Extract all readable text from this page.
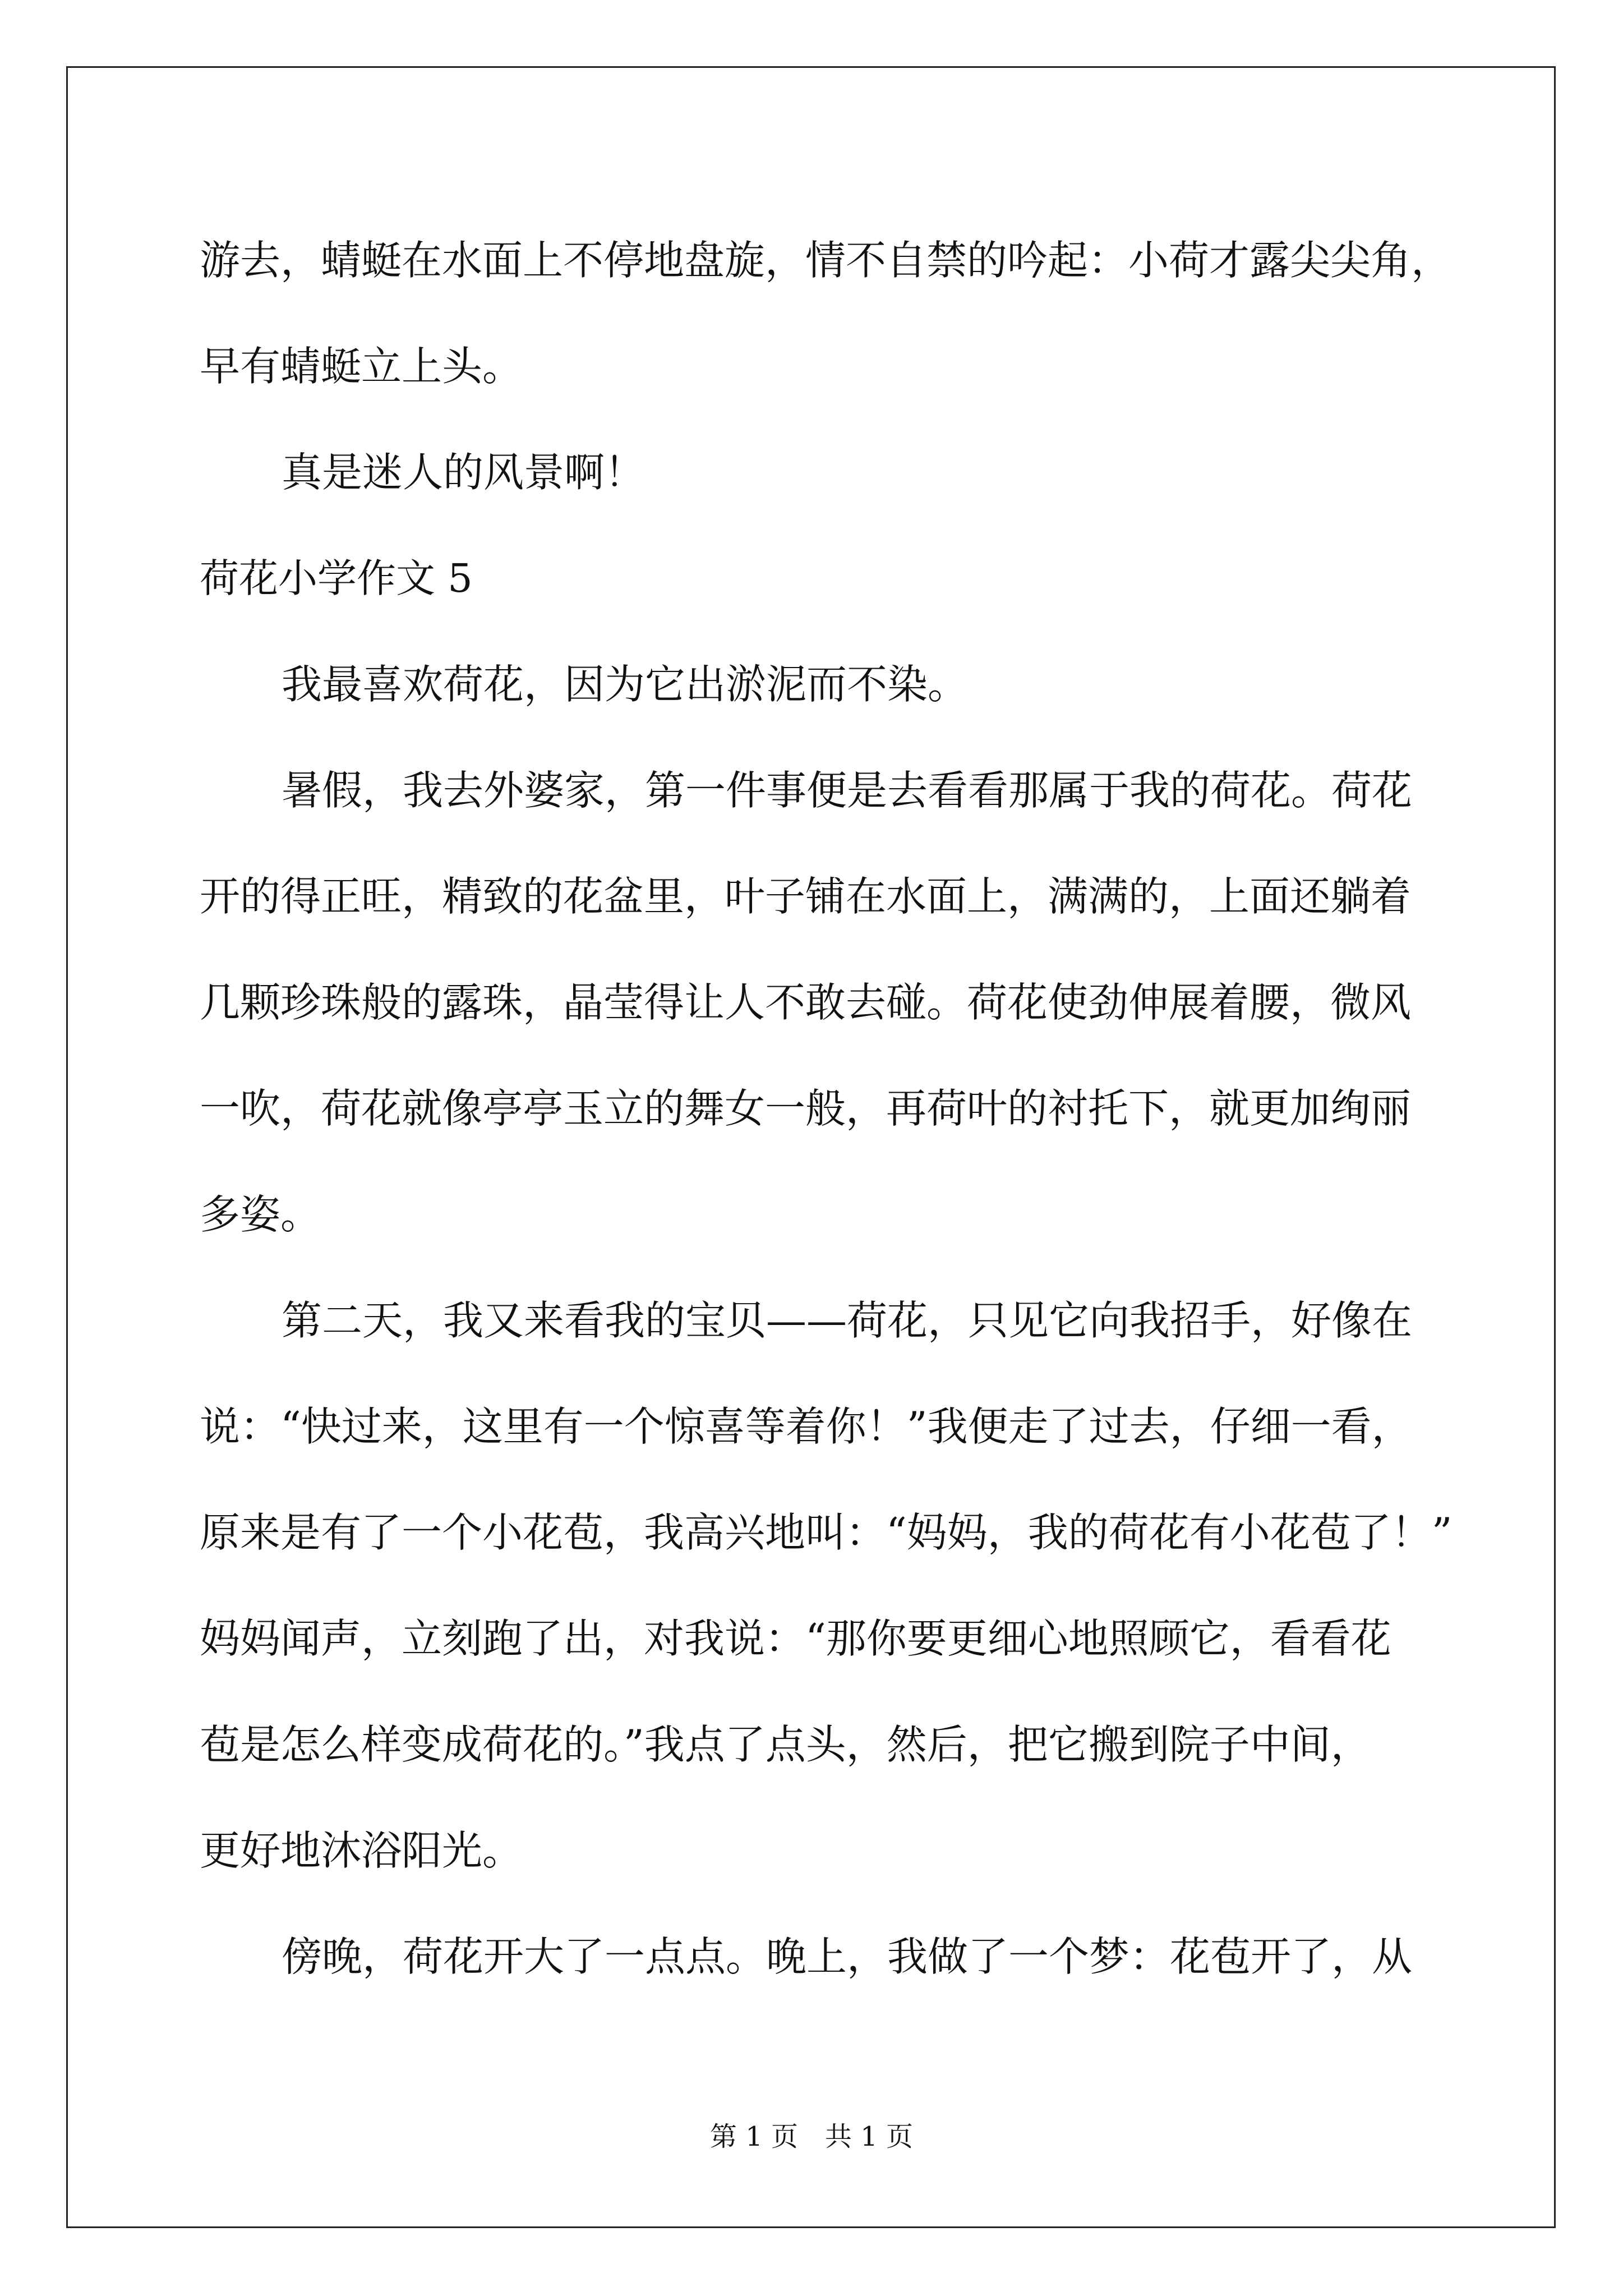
游去，蜻蜓在水面上不停地盘旋，情不自禁的吟起：小荷才露尖尖角，
早有蜻蜓立上头。
真是迷人的风景啊！
荷花小学作文 5
我最喜欢荷花，因为它出淤泥而不染。
暑假，我去外婆家，第一件事便是去看看那属于我的荷花。荷花
开的得正旺，精致的花盆里，叶子铺在水面上，满满的，上面还躺着
几颗珍珠般的露珠，晶莹得让人不敢去碰。荷花使劲伸展着腰，微风
一吹，荷花就像亭亭玉立的舞女一般，再荷叶的衬托下，就更加绚丽
多姿。
第二天，我又来看我的宝贝——荷花，只见它向我招手，好像在
说：“快过来，这里有一个惊喜等着你！”我便走了过去，仔细一看，
原来是有了一个小花苞，我高兴地叫：“妈妈，我的荷花有小花苞了！”
妈妈闻声，立刻跑了出，对我说：“那你要更细心地照顾它，看看花
苞是怎么样变成荷花的。”我点了点头，然后，把它搬到院子中间，
更好地沐浴阳光。
傍晚，荷花开大了一点点。晚上，我做了一个梦：花苞开了，从
第 1 页　共 1 页
